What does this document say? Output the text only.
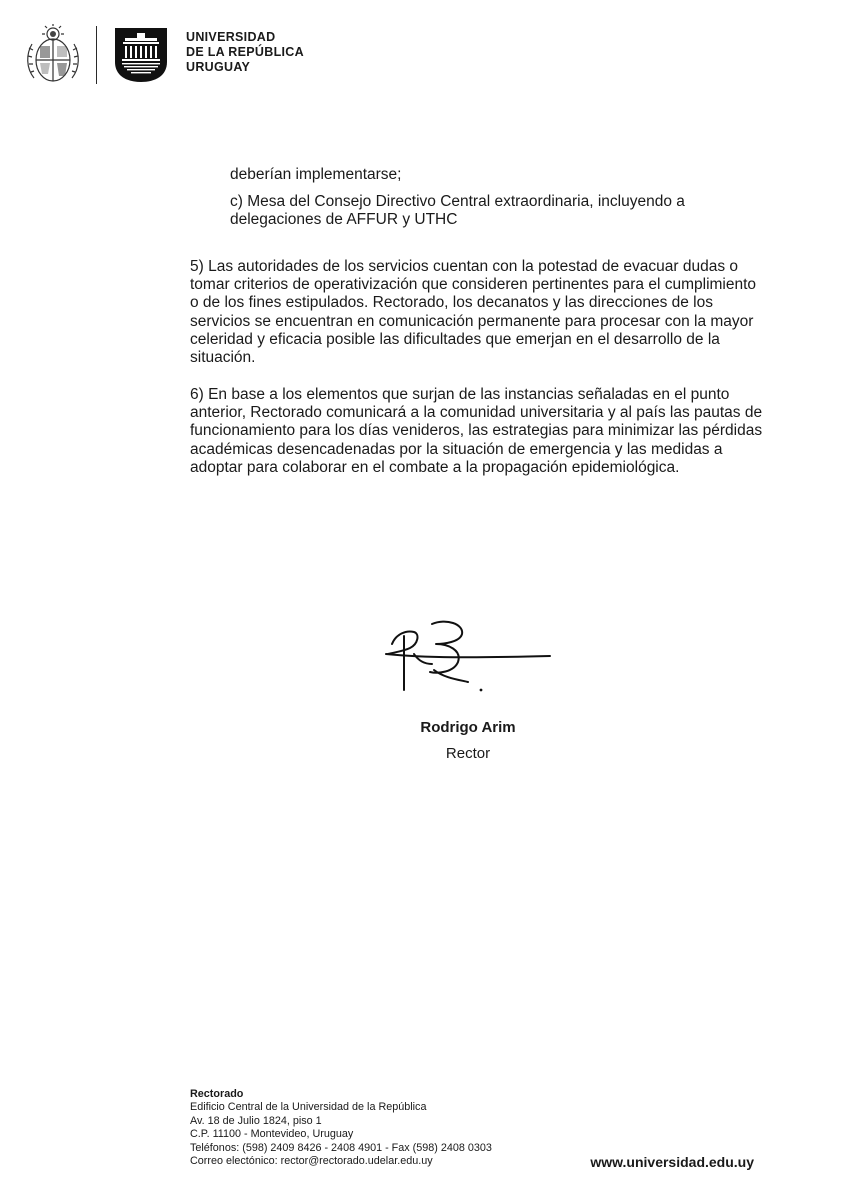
UNIVERSIDAD
DE LA REPÚBLICA
URUGUAY
deberían implementarse;
c) Mesa del Consejo Directivo Central extraordinaria, incluyendo a delegaciones de AFFUR y UTHC
5) Las autoridades de los servicios cuentan con la potestad de evacuar dudas o tomar criterios de operativización que consideren pertinentes para el cumplimiento o de los fines estipulados. Rectorado, los decanatos y las direcciones de los servicios se encuentran en comunicación permanente para procesar con la mayor celeridad y eficacia posible las dificultades que emerjan en el desarrollo de la situación.
6) En base a los elementos que surjan de las instancias señaladas en el punto anterior, Rectorado comunicará a la comunidad universitaria y al país las pautas de funcionamiento para los días venideros, las estrategias para minimizar las pérdidas académicas desencadenadas por la situación de emergencia y las medidas a adoptar para colaborar en el combate a la propagación epidemiológica.
Rodrigo Arim
Rector
Rectorado
Edificio Central de la Universidad de la República
Av. 18 de Julio 1824, piso 1
C.P. 11100 - Montevideo, Uruguay
Teléfonos: (598) 2409 8426 - 2408 4901 - Fax (598) 2408 0303
Correo electónico: rector@rectorado.udelar.edu.uy	www.universidad.edu.uy
